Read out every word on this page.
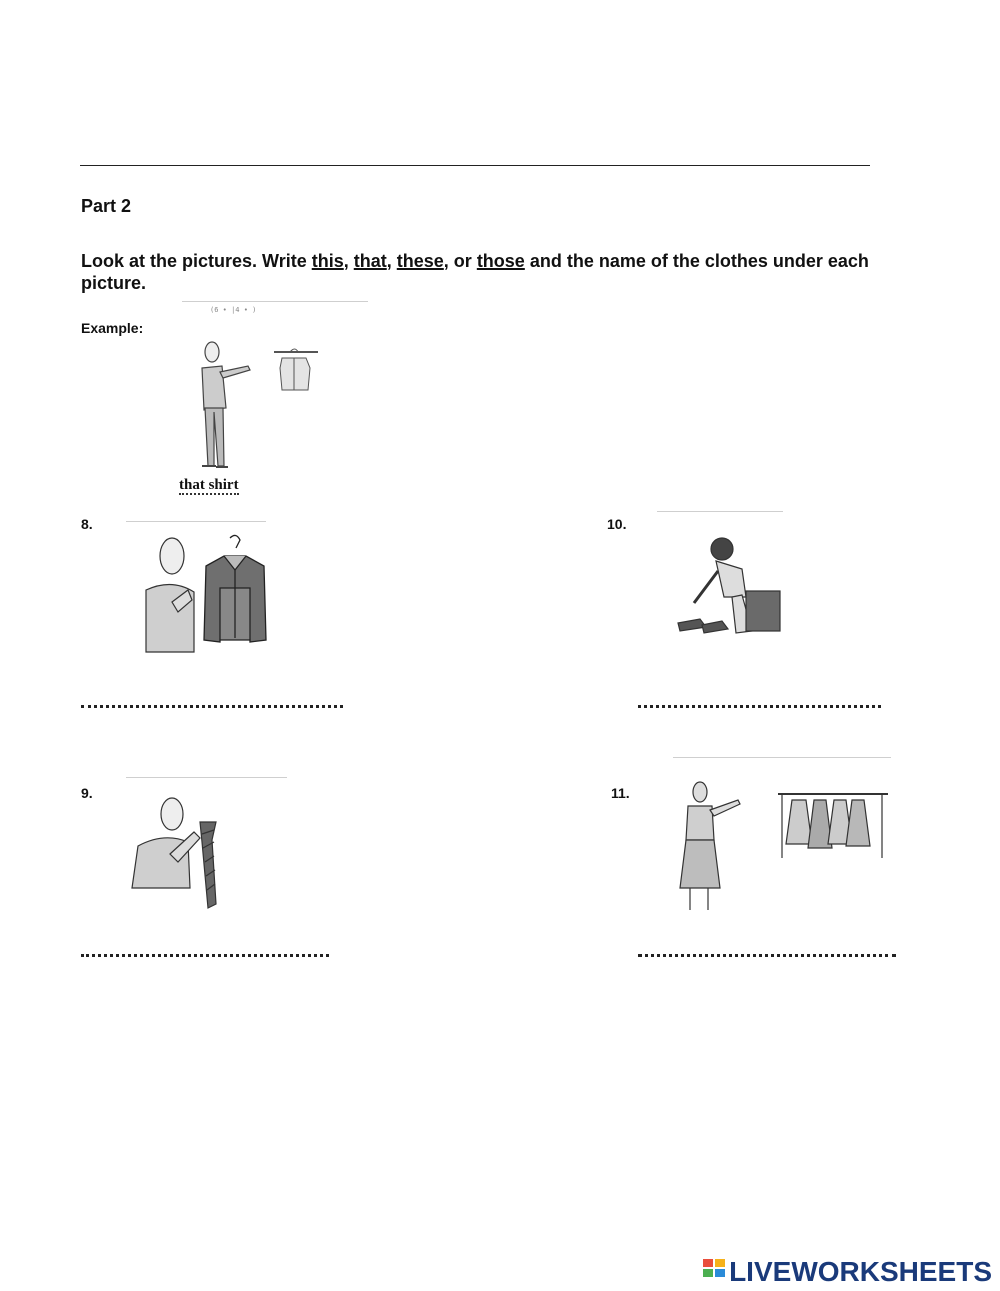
Part 2
Look at the pictures. Write this, that, these, or those and the name of the clothes under each picture.
(6 • |4 • )
Example:
that shirt
8.	10.
9.	11.
LIVEWORKSHEETS
